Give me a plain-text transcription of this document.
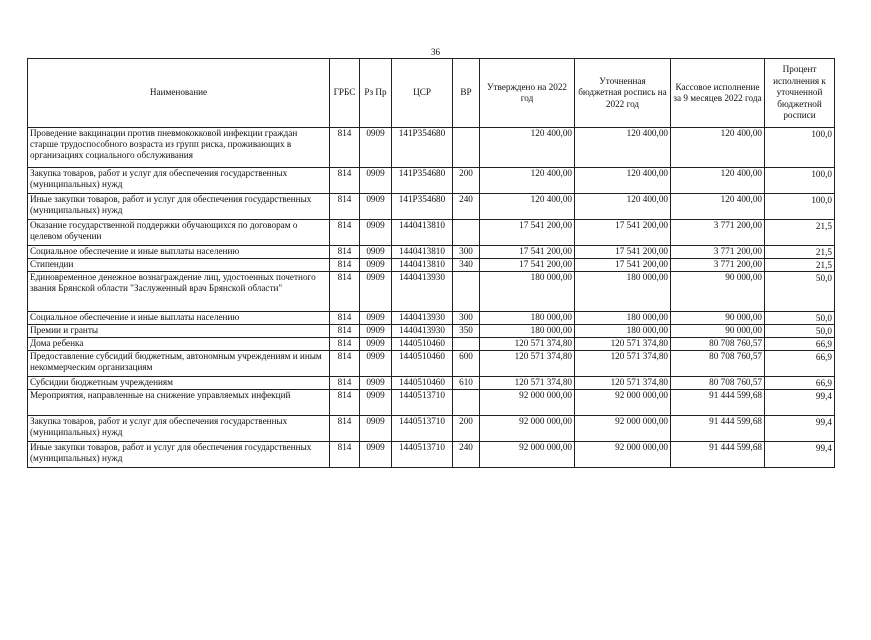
36
Наименование	ГРБС	Рз Пр	ЦСР	ВР	Утверждено на 2022 год	Уточненная бюджетная роспись на 2022 год	Кассовое исполнение за 9 месяцев 2022 года	Процент исполнения к уточненной бюджетной росписи
Проведение вакцинации против пневмококковой инфекции граждан старше трудоспособного возраста из групп риска, проживающих в организациях социального обслуживания	814	0909	141Р354680		120 400,00	120 400,00	120 400,00	100,0
Закупка товаров, работ и услуг для обеспечения государственных (муниципальных) нужд	814	0909	141Р354680	200	120 400,00	120 400,00	120 400,00	100,0
Иные закупки товаров, работ и услуг для обеспечения государственных (муниципальных) нужд	814	0909	141Р354680	240	120 400,00	120 400,00	120 400,00	100,0
Оказание государственной поддержки обучающихся по договорам о целевом обучении	814	0909	1440413810		17 541 200,00	17 541 200,00	3 771 200,00	21,5
Социальное обеспечение и иные выплаты населению	814	0909	1440413810	300	17 541 200,00	17 541 200,00	3 771 200,00	21,5
Стипендии	814	0909	1440413810	340	17 541 200,00	17 541 200,00	3 771 200,00	21,5
Единовременное денежное вознаграждение лиц, удостоенных почетного звания Брянской области "Заслуженный врач Брянской области"	814	0909	1440413930		180 000,00	180 000,00	90 000,00	50,0
Социальное обеспечение и иные выплаты населению	814	0909	1440413930	300	180 000,00	180 000,00	90 000,00	50,0
Премии и гранты	814	0909	1440413930	350	180 000,00	180 000,00	90 000,00	50,0
Дома ребенка	814	0909	1440510460		120 571 374,80	120 571 374,80	80 708 760,57	66,9
Предоставление субсидий бюджетным, автономным учреждениям и иным некоммерческим организациям	814	0909	1440510460	600	120 571 374,80	120 571 374,80	80 708 760,57	66,9
Субсидии бюджетным учреждениям	814	0909	1440510460	610	120 571 374,80	120 571 374,80	80 708 760,57	66,9
Мероприятия, направленные на снижение управляемых инфекций	814	0909	1440513710		92 000 000,00	92 000 000,00	91 444 599,68	99,4
Закупка товаров, работ и услуг для обеспечения государственных (муниципальных) нужд	814	0909	1440513710	200	92 000 000,00	92 000 000,00	91 444 599,68	99,4
Иные закупки товаров, работ и услуг для обеспечения государственных (муниципальных) нужд	814	0909	1440513710	240	92 000 000,00	92 000 000,00	91 444 599,68	99,4
